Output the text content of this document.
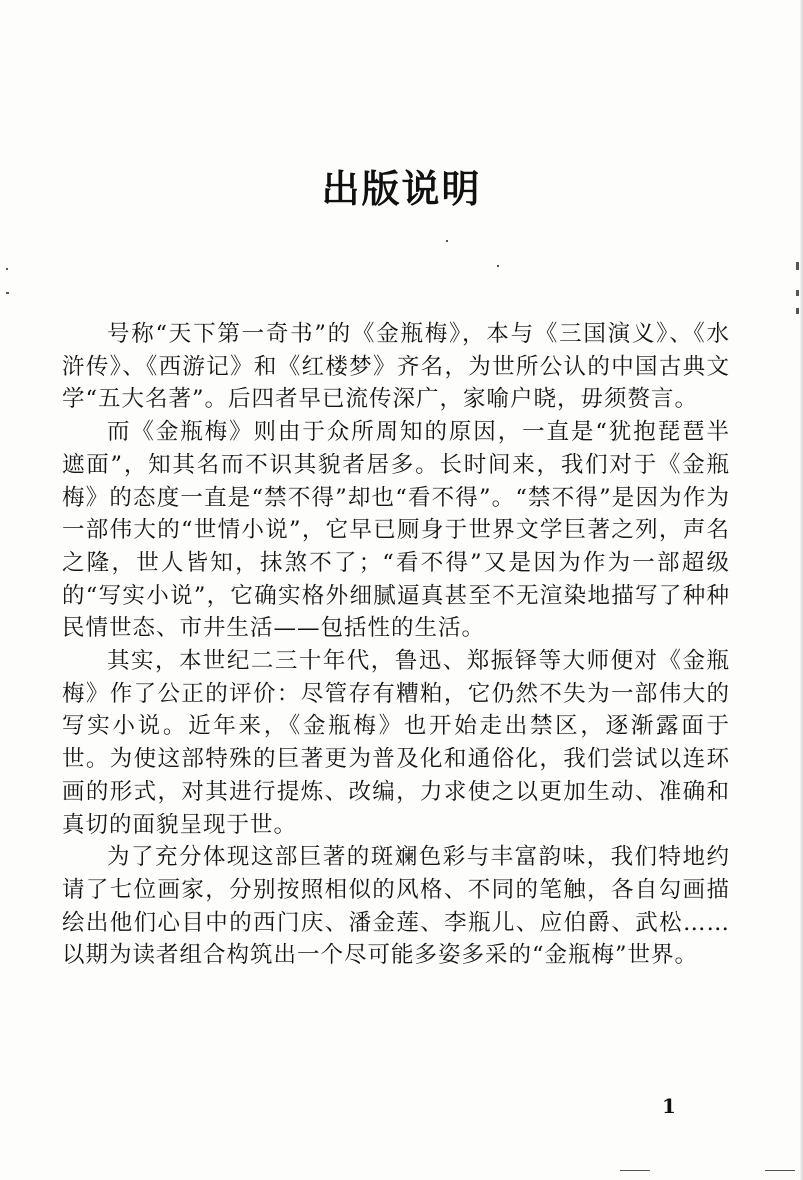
出版说明

号称“天下第一奇书”的《金瓶梅》，本与《三国演义》、《水浒传》、《西游记》和《红楼梦》齐名，为世所公认的中国古典文学“五大名著”。后四者早已流传深广，家喻户晓，毋须赘言。

而《金瓶梅》则由于众所周知的原因，一直是“犹抱琵琶半遮面”，知其名而不识其貌者居多。长时间来，我们对于《金瓶梅》的态度一直是“禁不得”却也“看不得”。“禁不得”是因为作为一部伟大的“世情小说”，它早已厕身于世界文学巨著之列，声名之隆，世人皆知，抹煞不了；“看不得”又是因为作为一部超级的“写实小说”，它确实格外细腻逼真甚至不无渲染地描写了种种民情世态、市井生活——包括性的生活。

其实，本世纪二三十年代，鲁迅、郑振铎等大师便对《金瓶梅》作了公正的评价：尽管存有糟粕，它仍然不失为一部伟大的写实小说。近年来，《金瓶梅》也开始走出禁区，逐渐露面于世。为使这部特殊的巨著更为普及化和通俗化，我们尝试以连环画的形式，对其进行提炼、改编，力求使之以更加生动、准确和真切的面貌呈现于世。

为了充分体现这部巨著的斑斓色彩与丰富韵味，我们特地约请了七位画家，分别按照相似的风格、不同的笔触，各自勾画描绘出他们心目中的西门庆、潘金莲、李瓶儿、应伯爵、武松……以期为读者组合构筑出一个尽可能多姿多采的“金瓶梅”世界。

1
